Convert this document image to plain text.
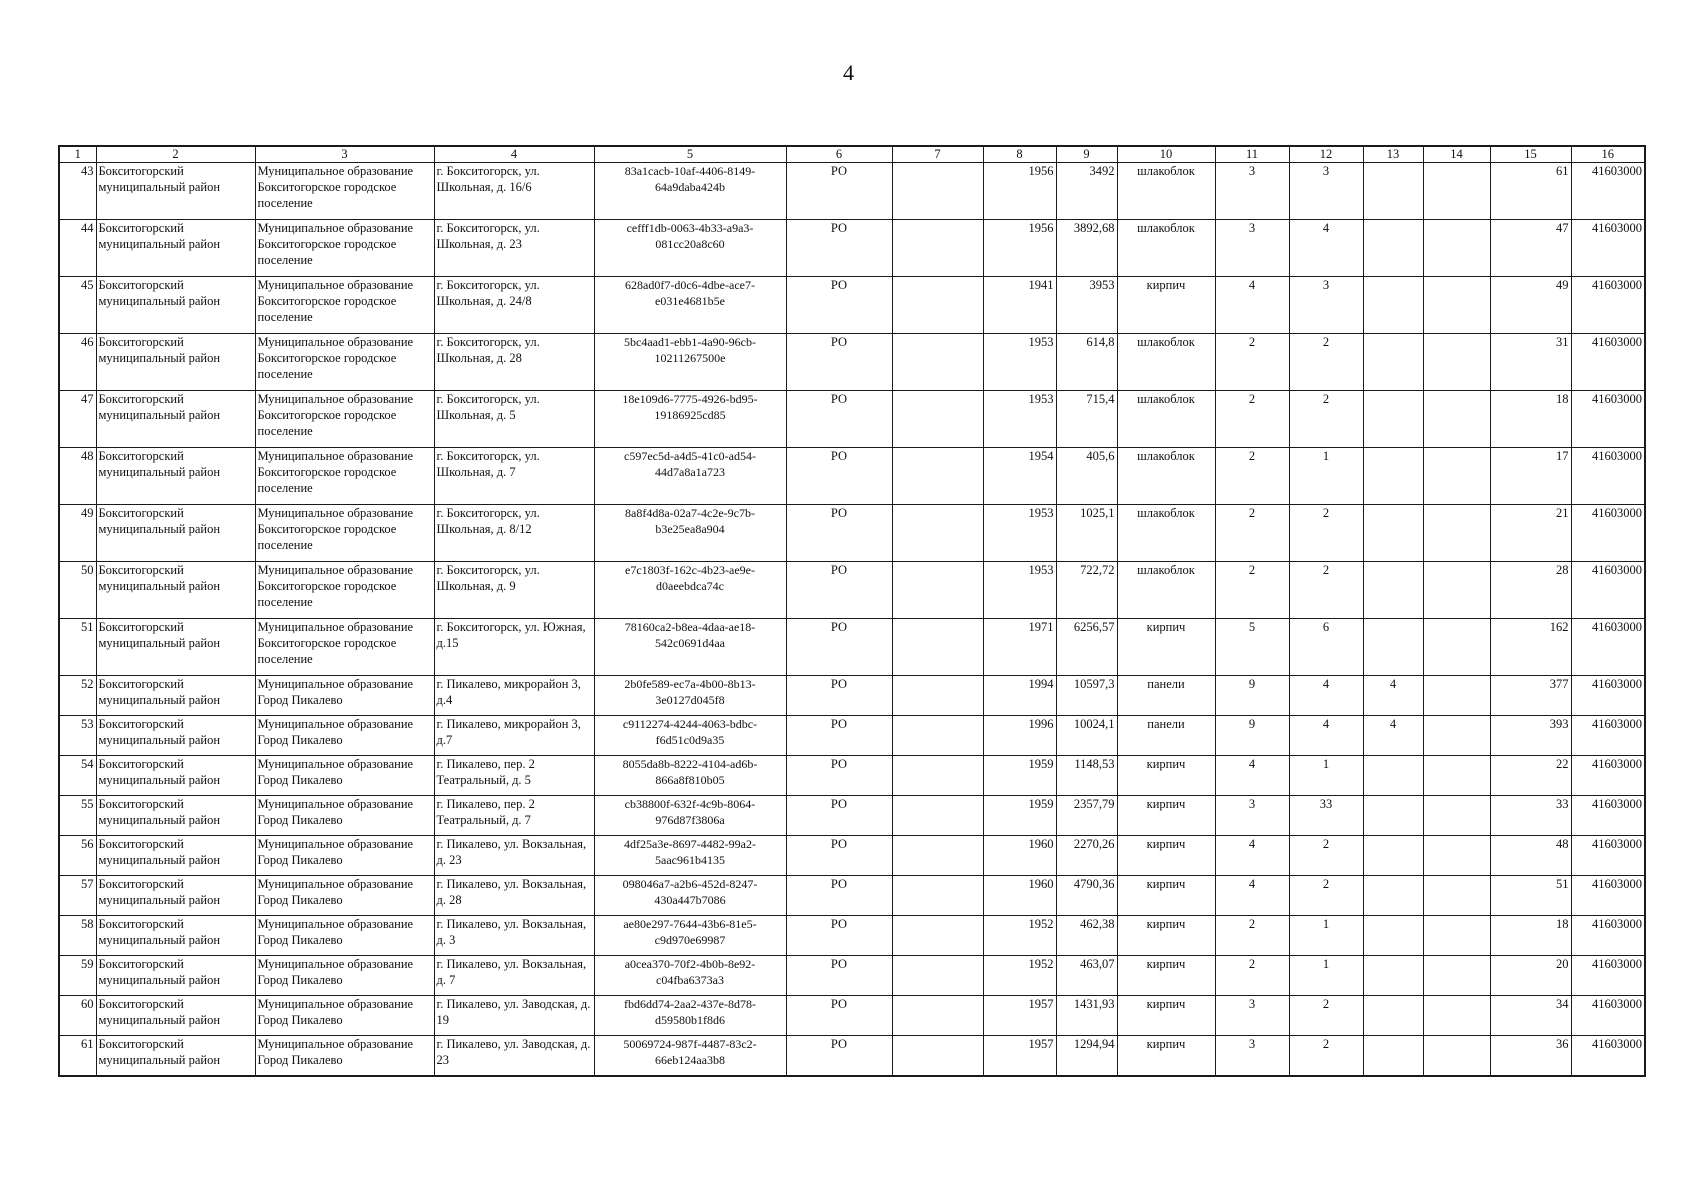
4
1	2	3	4	5	6	7	8	9	10	11	12	13	14	15	16
43	Бокситогорский муниципальный район	Муниципальное образование Бокситогорское городское поселение	г. Бокситогорск, ул. Школьная, д. 16/6	83a1cacb-10af-4406-8149-64a9daba424b	РО		1956	3492	шлакоблок	3	3			61	41603000
44	Бокситогорский муниципальный район	Муниципальное образование Бокситогорское городское поселение	г. Бокситогорск, ул. Школьная, д. 23	cefff1db-0063-4b33-a9a3-081cc20a8c60	РО		1956	3892,68	шлакоблок	3	4			47	41603000
45	Бокситогорский муниципальный район	Муниципальное образование Бокситогорское городское поселение	г. Бокситогорск, ул. Школьная, д. 24/8	628ad0f7-d0c6-4dbe-ace7-e031e4681b5e	РО		1941	3953	кирпич	4	3			49	41603000
46	Бокситогорский муниципальный район	Муниципальное образование Бокситогорское городское поселение	г. Бокситогорск, ул. Школьная, д. 28	5bc4aad1-ebb1-4a90-96cb-10211267500e	РО		1953	614,8	шлакоблок	2	2			31	41603000
47	Бокситогорский муниципальный район	Муниципальное образование Бокситогорское городское поселение	г. Бокситогорск, ул. Школьная, д. 5	18e109d6-7775-4926-bd95-19186925cd85	РО		1953	715,4	шлакоблок	2	2			18	41603000
48	Бокситогорский муниципальный район	Муниципальное образование Бокситогорское городское поселение	г. Бокситогорск, ул. Школьная, д. 7	c597ec5d-a4d5-41c0-ad54-44d7a8a1a723	РО		1954	405,6	шлакоблок	2	1			17	41603000
49	Бокситогорский муниципальный район	Муниципальное образование Бокситогорское городское поселение	г. Бокситогорск, ул. Школьная, д. 8/12	8a8f4d8a-02a7-4c2e-9c7b-b3e25ea8a904	РО		1953	1025,1	шлакоблок	2	2			21	41603000
50	Бокситогорский муниципальный район	Муниципальное образование Бокситогорское городское поселение	г. Бокситогорск, ул. Школьная, д. 9	e7c1803f-162c-4b23-ae9e-d0aeebdca74c	РО		1953	722,72	шлакоблок	2	2			28	41603000
51	Бокситогорский муниципальный район	Муниципальное образование Бокситогорское городское поселение	г. Бокситогорск, ул. Южная, д.15	78160ca2-b8ea-4daa-ae18-542c0691d4aa	РО		1971	6256,57	кирпич	5	6			162	41603000
52	Бокситогорский муниципальный район	Муниципальное образование Город Пикалево	г. Пикалево, микрорайон 3, д.4	2b0fe589-ec7a-4b00-8b13-3e0127d045f8	РО		1994	10597,3	панели	9	4	4		377	41603000
53	Бокситогорский муниципальный район	Муниципальное образование Город Пикалево	г. Пикалево, микрорайон 3, д.7	c9112274-4244-4063-bdbc-f6d51c0d9a35	РО		1996	10024,1	панели	9	4	4		393	41603000
54	Бокситогорский муниципальный район	Муниципальное образование Город Пикалево	г. Пикалево, пер. 2 Театральный, д. 5	8055da8b-8222-4104-ad6b-866a8f810b05	РО		1959	1148,53	кирпич	4	1			22	41603000
55	Бокситогорский муниципальный район	Муниципальное образование Город Пикалево	г. Пикалево, пер. 2 Театральный, д. 7	cb38800f-632f-4c9b-8064-976d87f3806a	РО		1959	2357,79	кирпич	3	33			33	41603000
56	Бокситогорский муниципальный район	Муниципальное образование Город Пикалево	г. Пикалево, ул. Вокзальная, д. 23	4df25a3e-8697-4482-99a2-5aac961b4135	РО		1960	2270,26	кирпич	4	2			48	41603000
57	Бокситогорский муниципальный район	Муниципальное образование Город Пикалево	г. Пикалево, ул. Вокзальная, д. 28	098046a7-a2b6-452d-8247-430a447b7086	РО		1960	4790,36	кирпич	4	2			51	41603000
58	Бокситогорский муниципальный район	Муниципальное образование Город Пикалево	г. Пикалево, ул. Вокзальная, д. 3	ae80e297-7644-43b6-81e5-c9d970e69987	РО		1952	462,38	кирпич	2	1			18	41603000
59	Бокситогорский муниципальный район	Муниципальное образование Город Пикалево	г. Пикалево, ул. Вокзальная, д. 7	a0cea370-70f2-4b0b-8e92-c04fba6373a3	РО		1952	463,07	кирпич	2	1			20	41603000
60	Бокситогорский муниципальный район	Муниципальное образование Город Пикалево	г. Пикалево, ул. Заводская, д. 19	fbd6dd74-2aa2-437e-8d78-d59580b1f8d6	РО		1957	1431,93	кирпич	3	2			34	41603000
61	Бокситогорский муниципальный район	Муниципальное образование Город Пикалево	г. Пикалево, ул. Заводская, д. 23	50069724-987f-4487-83c2-66eb124aa3b8	РО		1957	1294,94	кирпич	3	2			36	41603000
